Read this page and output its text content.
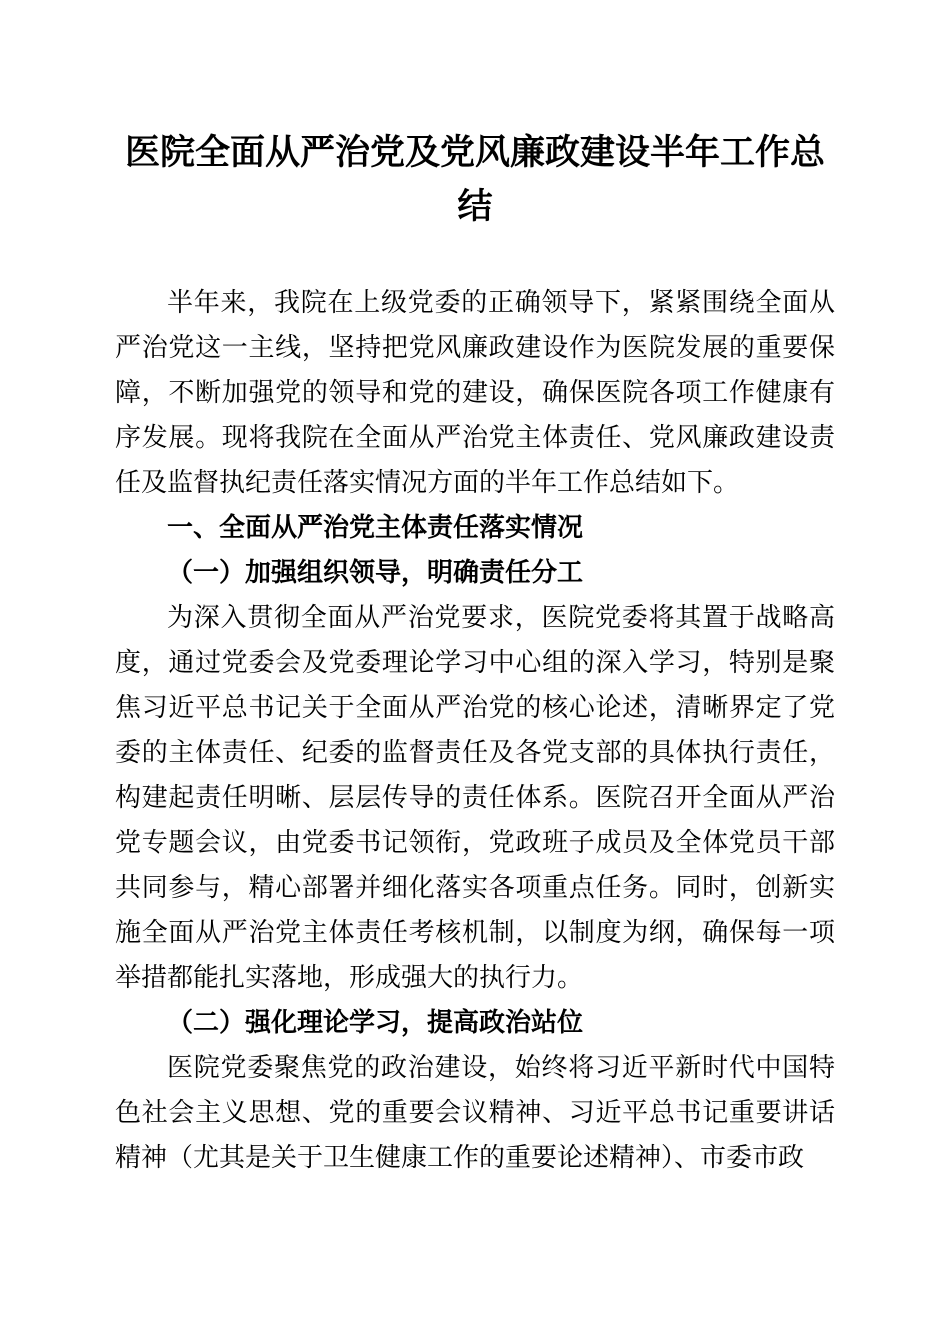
医院全面从严治党及党风廉政建设半年工作总结

半年来，我院在上级党委的正确领导下，紧紧围绕全面从严治党这一主线，坚持把党风廉政建设作为医院发展的重要保障，不断加强党的领导和党的建设，确保医院各项工作健康有序发展。现将我院在全面从严治党主体责任、党风廉政建设责任及监督执纪责任落实情况方面的半年工作总结如下。

一、全面从严治党主体责任落实情况
（一）加强组织领导，明确责任分工

为深入贯彻全面从严治党要求，医院党委将其置于战略高度，通过党委会及党委理论学习中心组的深入学习，特别是聚焦习近平总书记关于全面从严治党的核心论述，清晰界定了党委的主体责任、纪委的监督责任及各党支部的具体执行责任，构建起责任明晰、层层传导的责任体系。医院召开全面从严治党专题会议，由党委书记领衔，党政班子成员及全体党员干部共同参与，精心部署并细化落实各项重点任务。同时，创新实施全面从严治党主体责任考核机制，以制度为纲，确保每一项举措都能扎实落地，形成强大的执行力。

（二）强化理论学习，提高政治站位

医院党委聚焦党的政治建设，始终将习近平新时代中国特色社会主义思想、党的重要会议精神、习近平总书记重要讲话精神（尤其是关于卫生健康工作的重要论述精神）、市委市政
